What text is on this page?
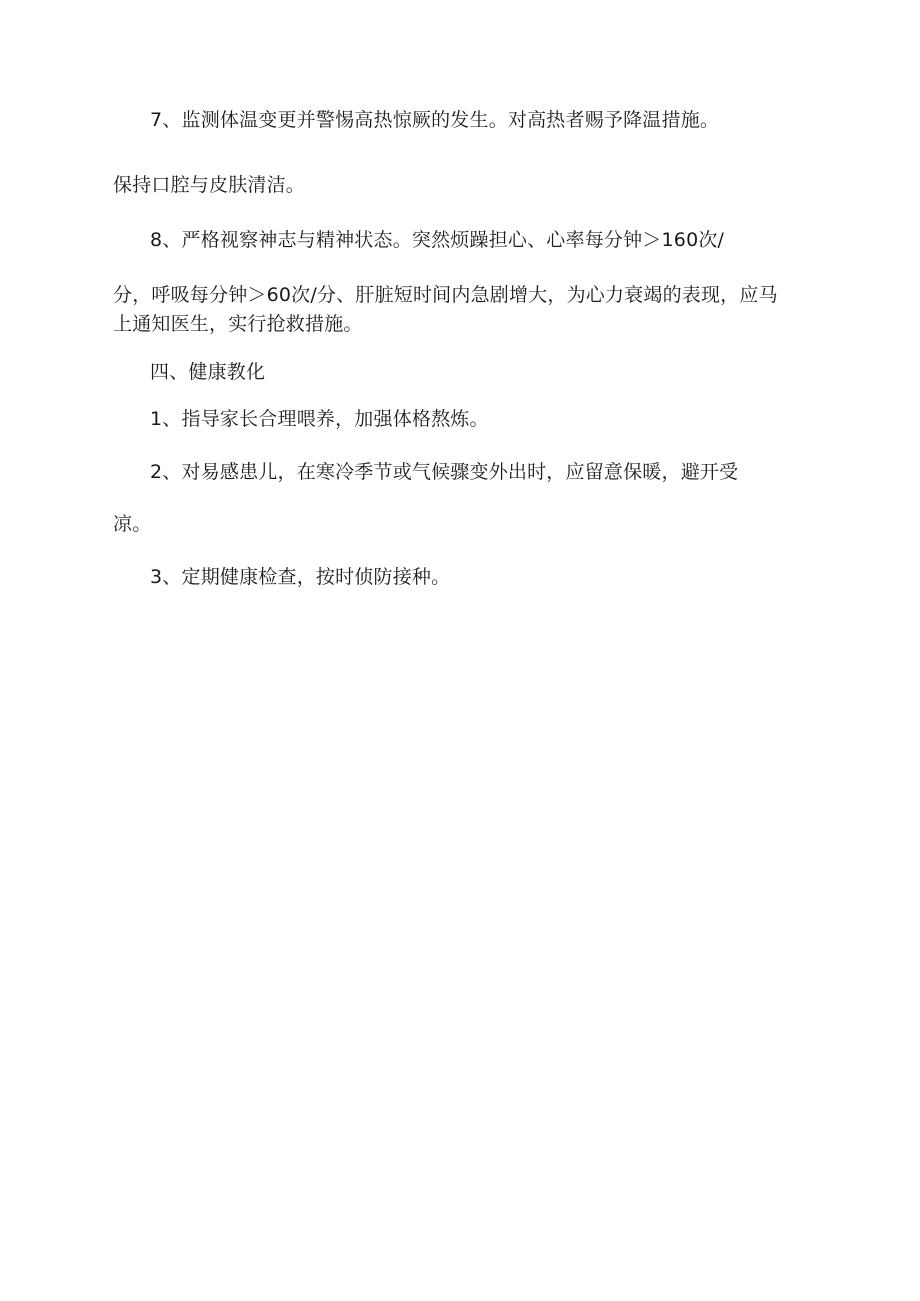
7、监测体温变更并警惕高热惊厥的发生。对高热者赐予降温措施。
保持口腔与皮肤清洁。
8、严格视察神志与精神状态。突然烦躁担心、心率每分钟＞160次/
分，呼吸每分钟＞60次/分、肝脏短时间内急剧增大，为心力衰竭的表现，应马
上通知医生，实行抢救措施。
四、健康教化
1、指导家长合理喂养，加强体格熬炼。
2、对易感患儿，在寒冷季节或气候骤变外出时，应留意保暖，避开受
凉。
3、定期健康检查，按时侦防接种。
